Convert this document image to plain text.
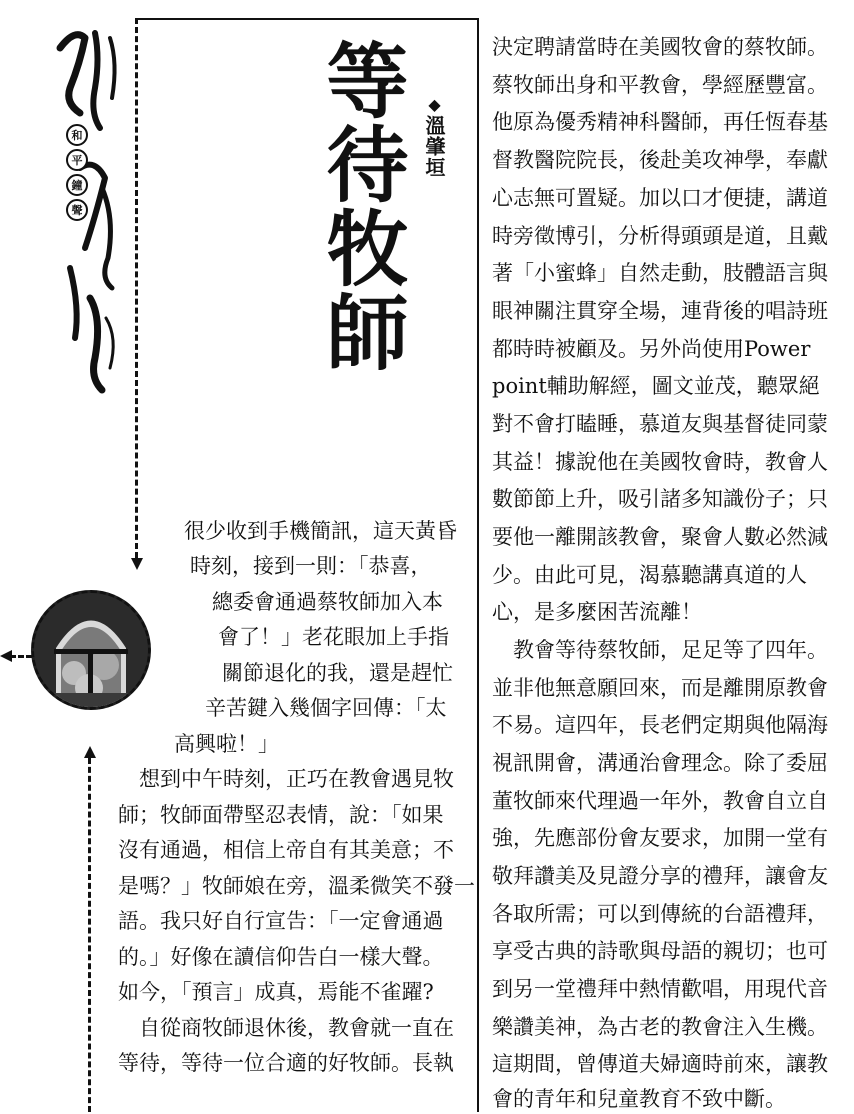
和
平
鐘
聲	等待牧師	◆溫肇垣
很少收到手機簡訊，這天黃昏
時刻，接到一則：「恭喜，
總委會通過蔡牧師加入本
會了！」老花眼加上手指
關節退化的我，還是趕忙
辛苦鍵入幾個字回傳：「太
高興啦！」
　想到中午時刻，正巧在教會遇見牧
師；牧師面帶堅忍表情，說：「如果
沒有通過，相信上帝自有其美意；不
是嗎？」牧師娘在旁，溫柔微笑不發一
語。我只好自行宣告：「一定會通過
的。」好像在讀信仰告白一樣大聲。
如今，「預言」成真，焉能不雀躍?
　自從商牧師退休後，教會就一直在
等待，等待一位合適的好牧師。長執
決定聘請當時在美國牧會的蔡牧師。
蔡牧師出身和平教會，學經歷豐富。
他原為優秀精神科醫師，再任恆春基
督教醫院院長，後赴美攻神學，奉獻
心志無可置疑。加以口才便捷，講道
時旁徵博引，分析得頭頭是道，且戴
著「小蜜蜂」自然走動，肢體語言與
眼神關注貫穿全場，連背後的唱詩班
都時時被顧及。另外尚使用Power
point輔助解經，圖文並茂，聽眾絕
對不會打瞌睡，慕道友與基督徒同蒙
其益！據說他在美國牧會時，教會人
數節節上升，吸引諸多知識份子；只
要他一離開該教會，聚會人數必然減
少。由此可見，渴慕聽講真道的人
心，是多麼困苦流離！
　教會等待蔡牧師，足足等了四年。
並非他無意願回來，而是離開原教會
不易。這四年，長老們定期與他隔海
視訊開會，溝通治會理念。除了委屈
董牧師來代理過一年外，教會自立自
強，先應部份會友要求，加開一堂有
敬拜讚美及見證分享的禮拜，讓會友
各取所需；可以到傳統的台語禮拜，
享受古典的詩歌與母語的親切；也可
到另一堂禮拜中熱情歡唱，用現代音
樂讚美神，為古老的教會注入生機。
這期間，曾傳道夫婦適時前來，讓教
會的青年和兒童教育不致中斷。
